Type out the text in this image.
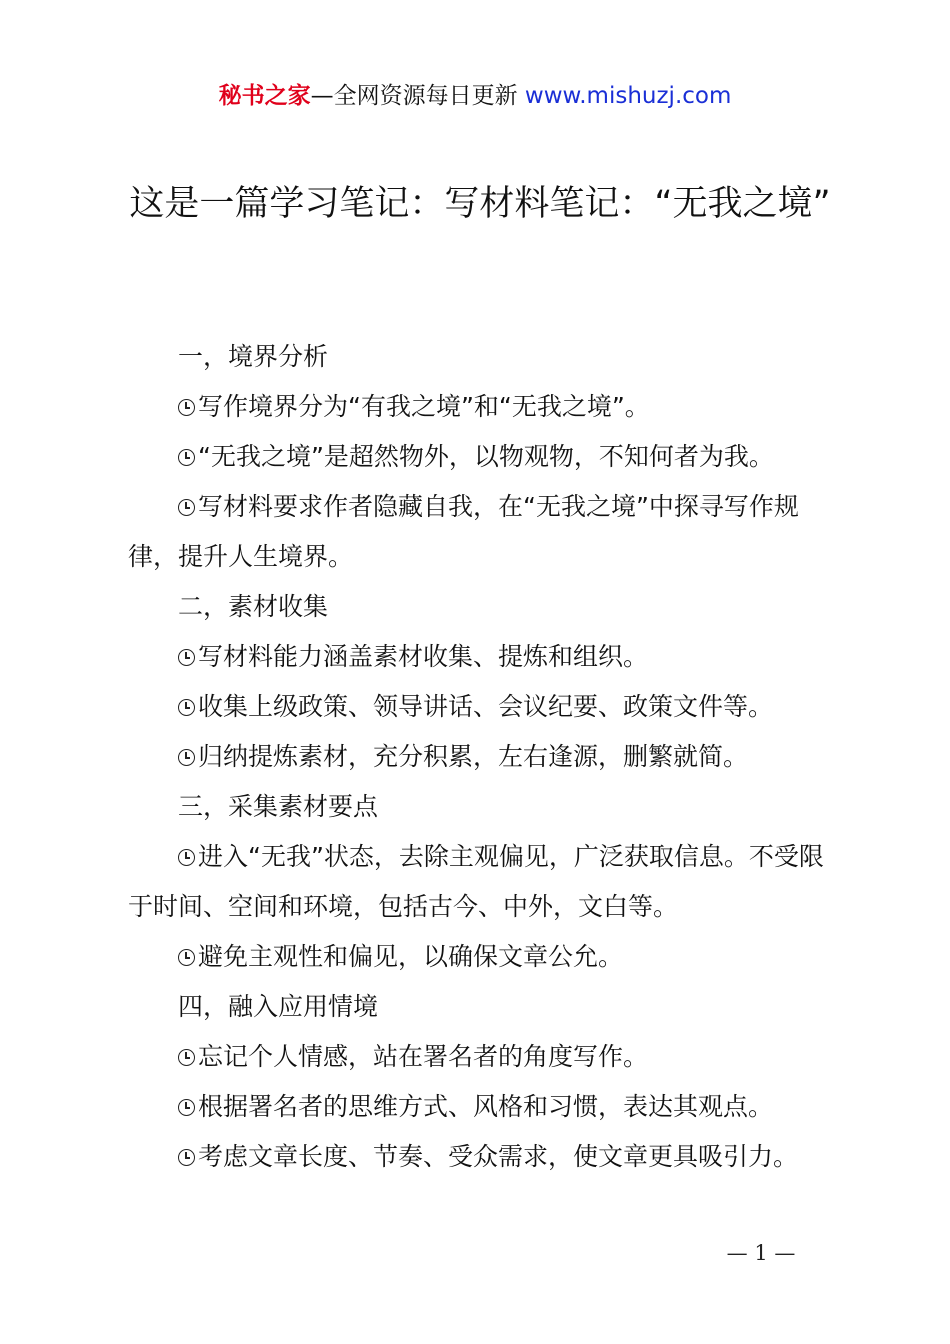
秘书之家—全网资源每日更新 www.mishuzj.com
这是一篇学习笔记：写材料笔记：“无我之境”

一，境界分析

写作境界分为“有我之境”和“无我之境”。

“无我之境”是超然物外，以物观物，不知何者为我。

写材料要求作者隐藏自我，在“无我之境”中探寻写作规律，提升人生境界。

二，素材收集

写材料能力涵盖素材收集、提炼和组织。

收集上级政策、领导讲话、会议纪要、政策文件等。

归纳提炼素材，充分积累，左右逢源，删繁就简。

三，采集素材要点

进入“无我”状态，去除主观偏见，广泛获取信息。不受限于时间、空间和环境，包括古今、中外，文白等。

避免主观性和偏见，以确保文章公允。

四，融入应用情境

忘记个人情感，站在署名者的角度写作。

根据署名者的思维方式、风格和习惯，表达其观点。

考虑文章长度、节奏、受众需求，使文章更具吸引力。

— 1 —
